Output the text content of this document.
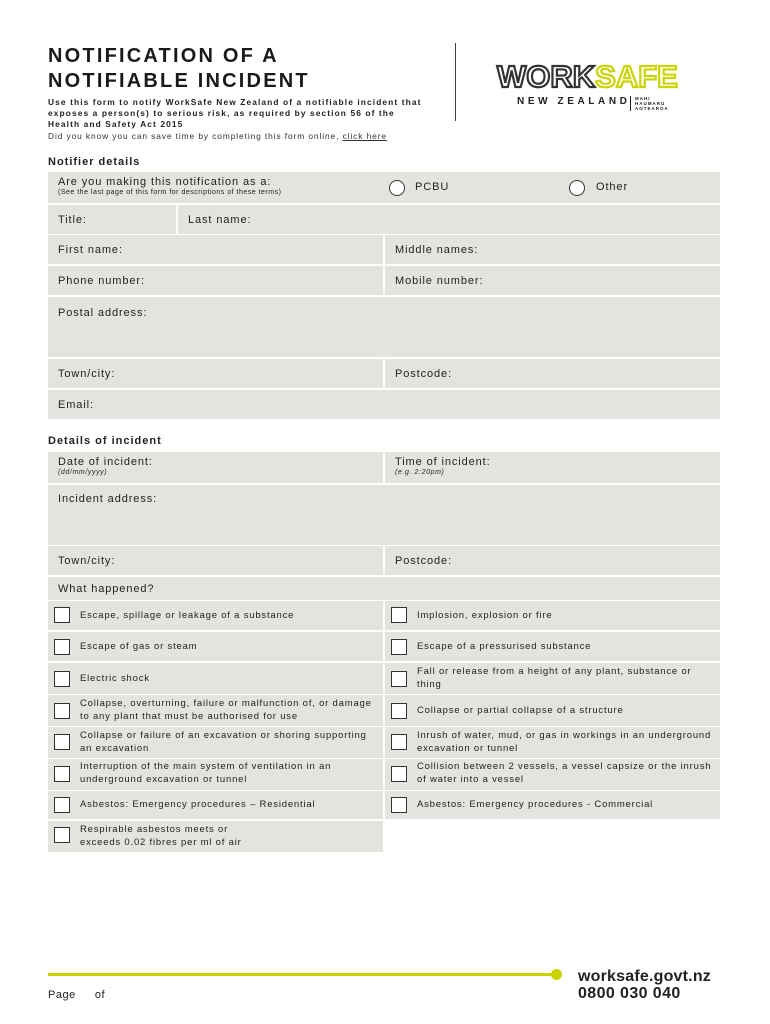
NOTIFICATION OF A
NOTIFIABLE INCIDENT
Use this form to notify WorkSafe New Zealand of a notifiable incident that exposes a person(s) to serious risk, as required by section 56 of the Health and Safety Act 2015
Did you know you can save time by completing this form online, click here
WORKSAFE
NEW ZEALAND MAHI HAUMARU
AOTEAROA
Notifier details
Are you making this notification as a:
(See the last page of this form for descriptions of these terms)	PCBU	Other
Title:	Last name:
First name:	Middle names:
Phone number:	Mobile number:
Postal address:
Town/city:	Postcode:
Email:
Details of incident
Date of incident:
(dd/mm/yyyy)
Time of incident:
(e.g. 2:20pm)
Incident address:
Town/city:	Postcode:
What happened?
Escape, spillage or leakage of a substance
Escape of gas or steam
Electric shock
Collapse, overturning, failure or malfunction of, or damage to any plant that must be authorised for use
Collapse or failure of an excavation or shoring supporting an excavation
Interruption of the main system of ventilation in an underground excavation or tunnel
Asbestos: Emergency procedures – Residential
Respirable asbestos meets or exceeds 0.02 fibres per ml of air
Implosion, explosion or fire
Escape of a pressurised substance
Fall or release from a height of any plant, substance or thing
Collapse or partial collapse of a structure
Inrush of water, mud, or gas in workings in an underground excavation or tunnel
Collision between 2 vessels, a vessel capsize or the inrush of water into a vessel
Asbestos: Emergency procedures - Commercial
worksafe.govt.nz
0800 030 040
Page of
